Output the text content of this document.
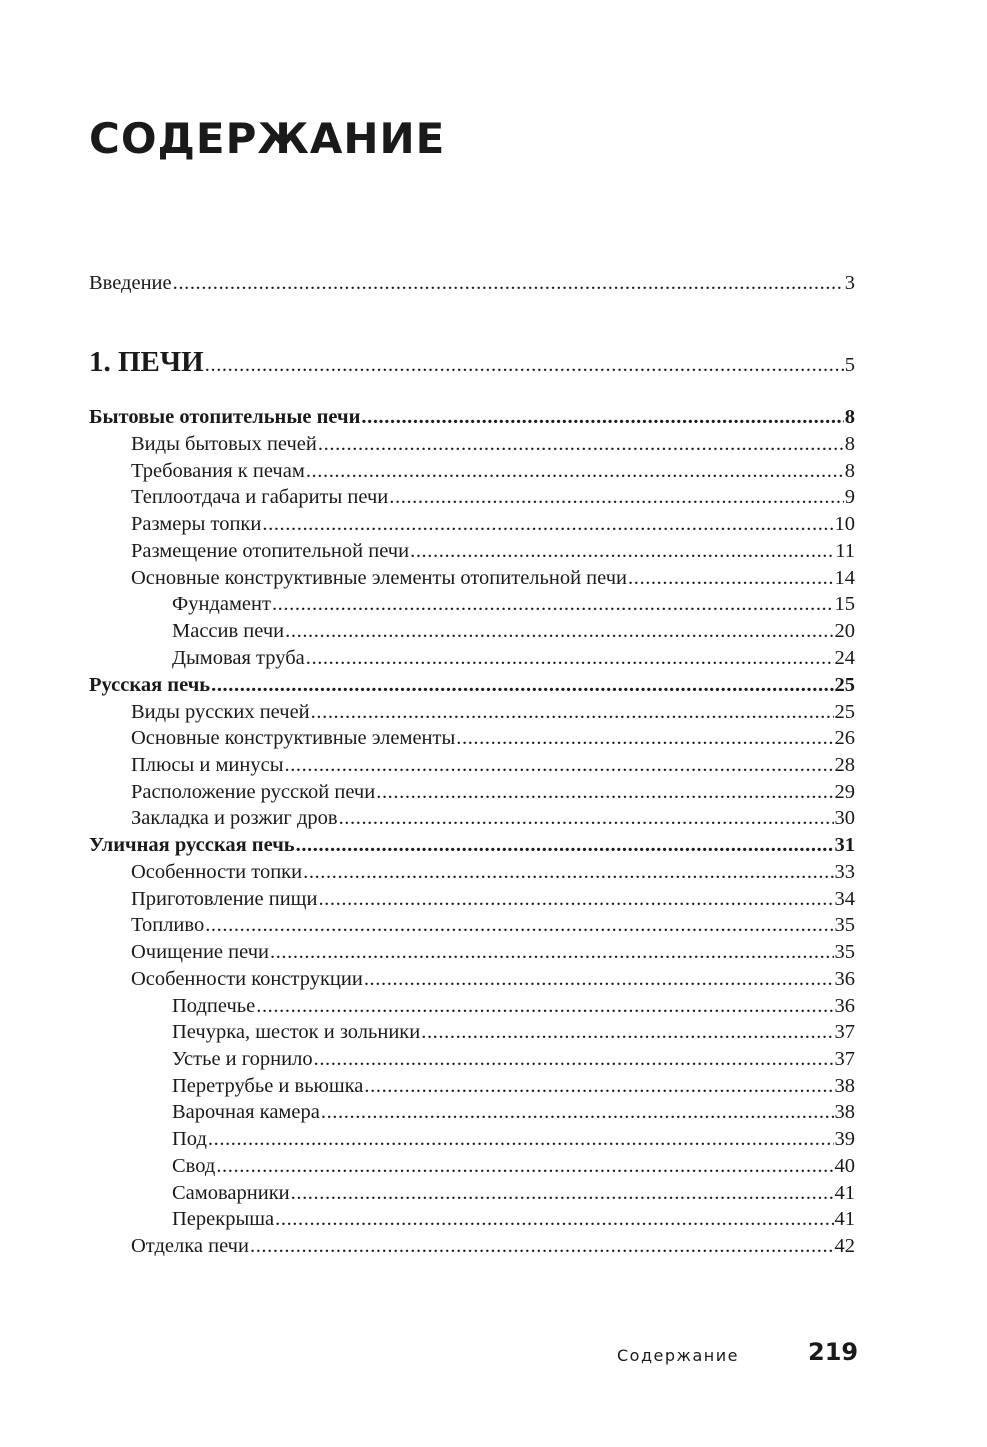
СОДЕРЖАНИЕ
Введение .....	3
1. ПЕЧИ .....	5
Бытовые отопительные печи .....	8
Виды бытовых печей .....	8
Требования к печам .....	8
Теплоотдача и габариты печи .....	9
Размеры топки .....	10
Размещение отопительной печи .....	11
Основные конструктивные элементы отопительной печи .....	14
Фундамент .....	15
Массив печи .....	20
Дымовая труба .....	24
Русская печь .....	25
Виды русских печей .....	25
Основные конструктивные элементы .....	26
Плюсы и минусы .....	28
Расположение русской печи .....	29
Закладка и розжиг дров .....	30
Уличная русская печь .....	31
Особенности топки .....	33
Приготовление пищи .....	34
Топливо .....	35
Очищение печи .....	35
Особенности конструкции .....	36
Подпечье .....	36
Печурка, шесток и зольники .....	37
Устье и горнило .....	37
Перетрубье и вьюшка .....	38
Варочная камера .....	38
Под .....	39
Свод .....	40
Самоварники .....	41
Перекрыша .....	41
Отделка печи .....	42
Содержание	219
